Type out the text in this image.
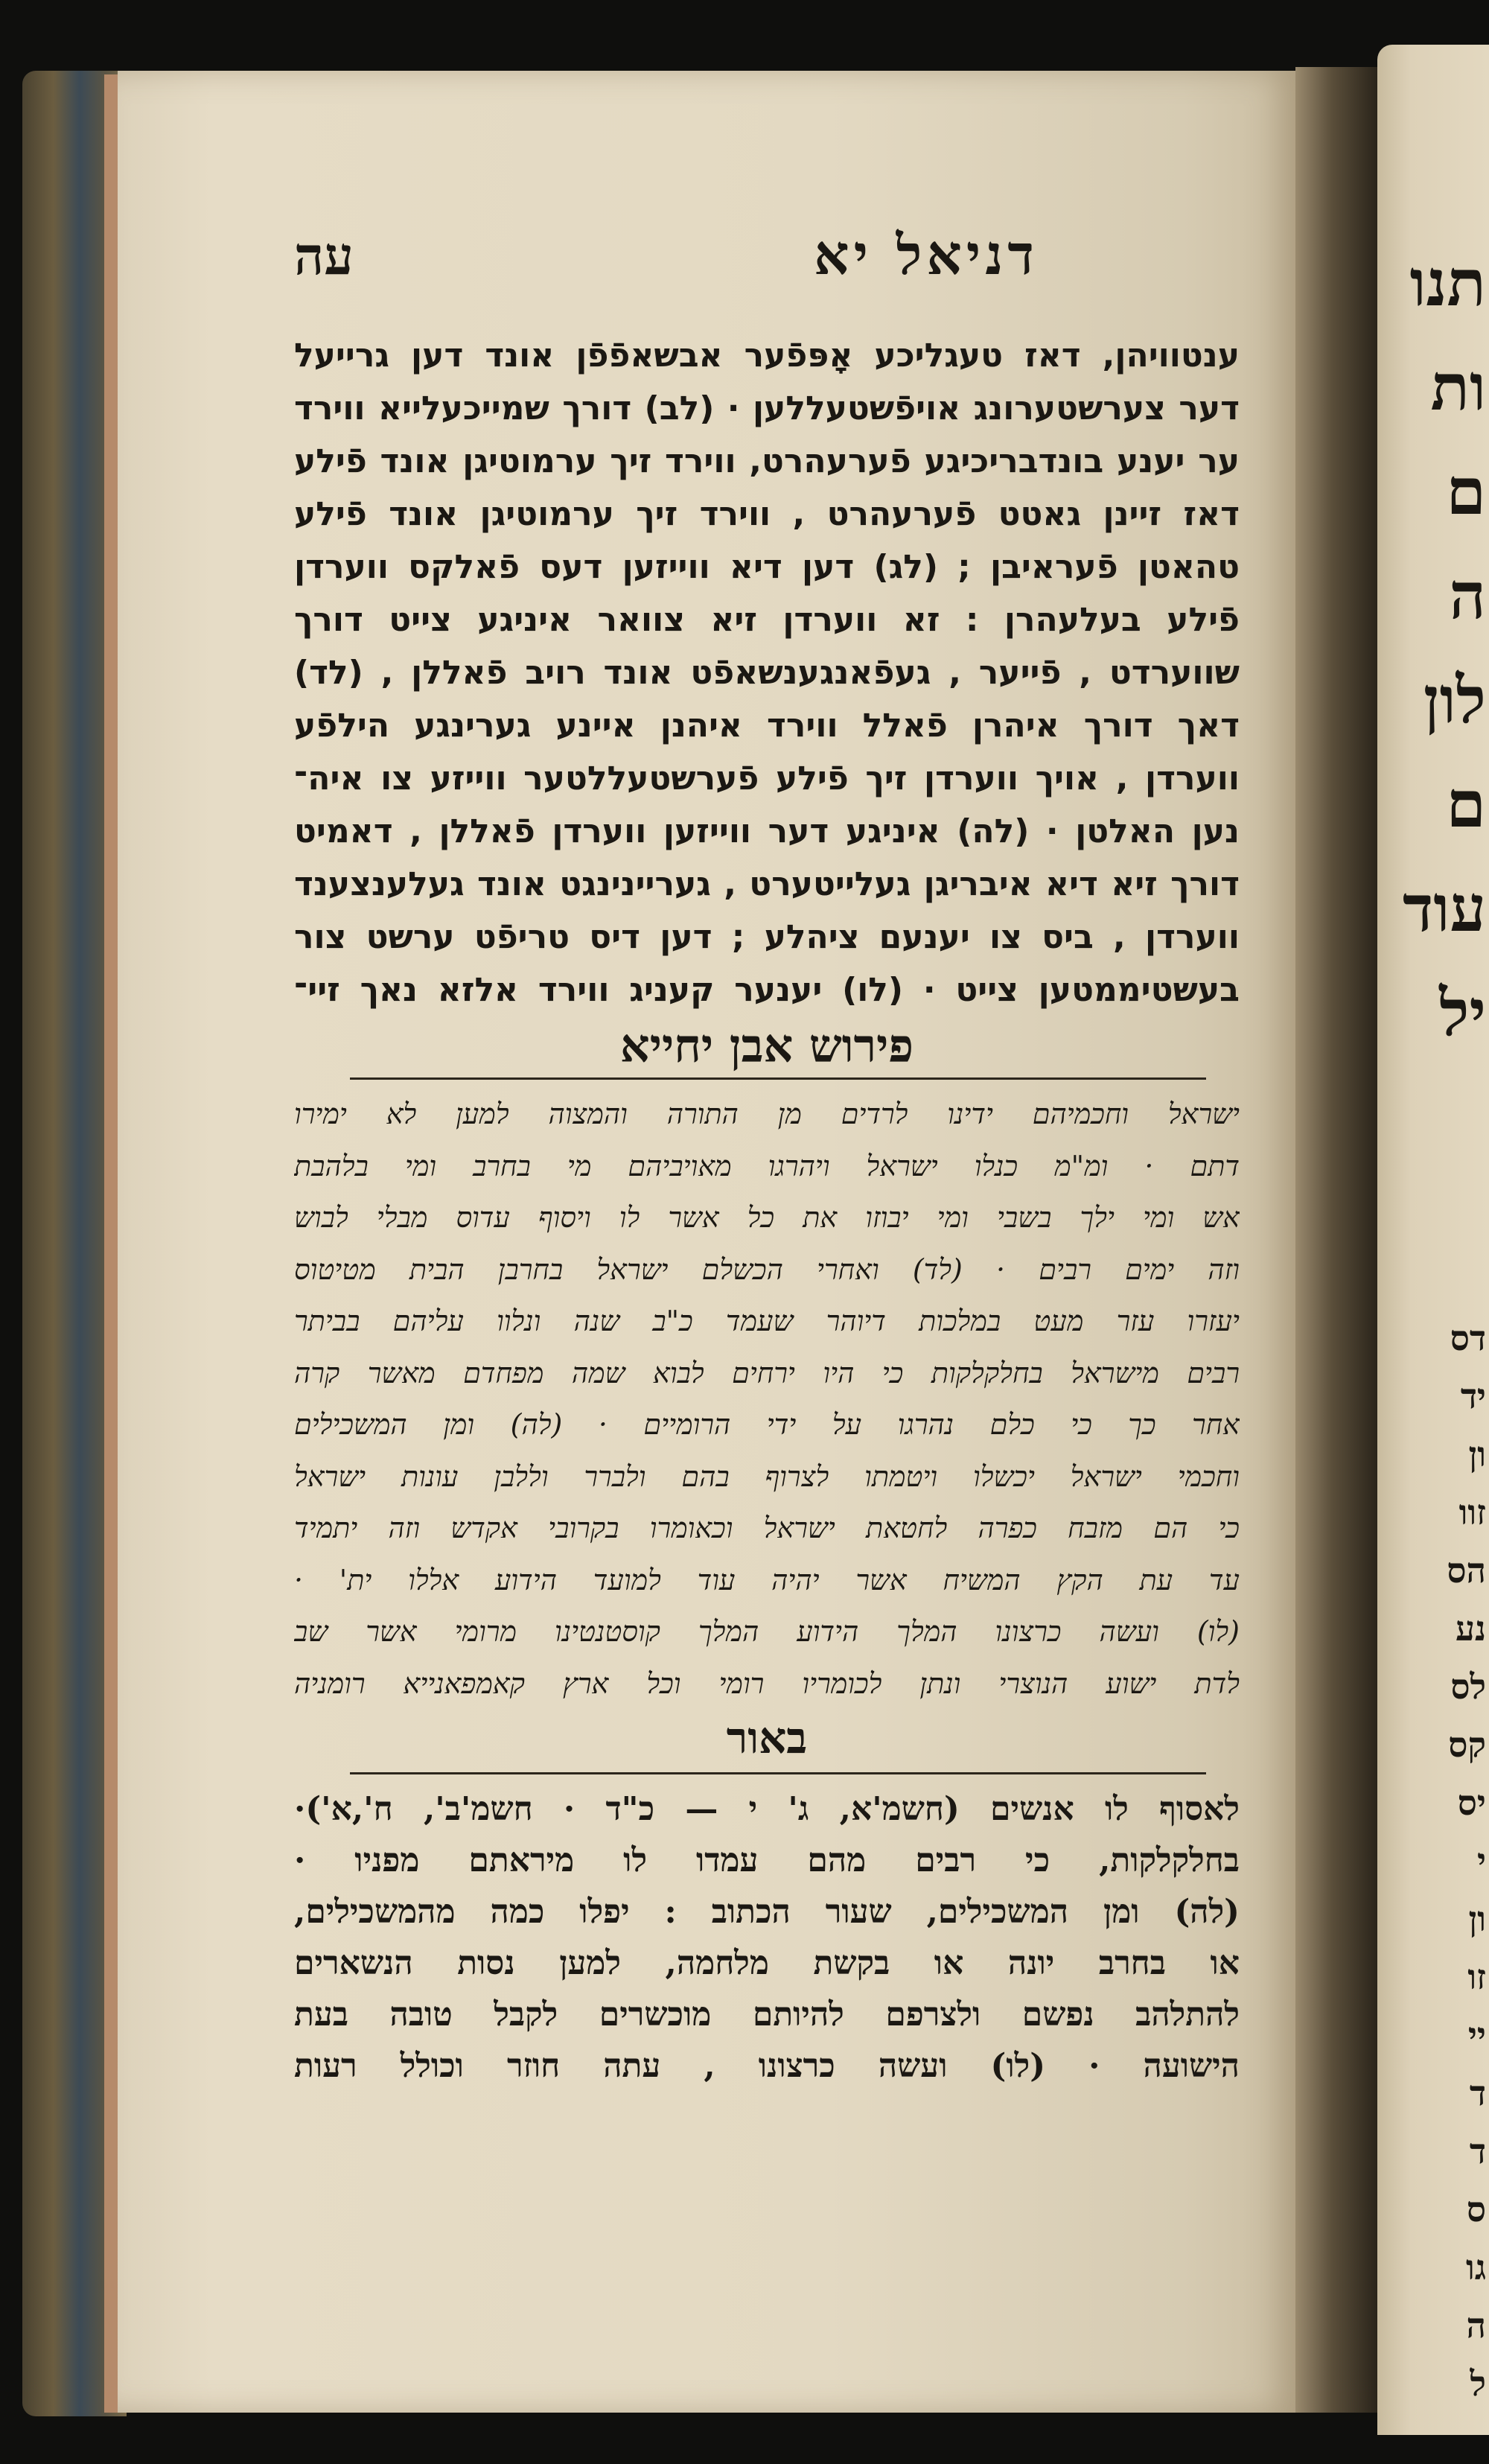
תנו
ות
ם
ה
לון
ם
עוד
יל
דס
יד
ון
זוו
הס
נע
לס
קס
יס
י
ון
זו
יי
ד
ד
ס
גו
ה
ל
דניאל יא
עה
ענטוויהן, דאז טעגליכע אָפּפֿער אבשאפֿפֿן אונד דען גרייעל
דער צערשטערונג אויפֿשטעללען · (לב) דורך שמייכעלייא ווירד
ער יענע בונדבריכיגע פֿערעהרט, ווירד זיך ערמוטיגן אונד פֿילע
דאז זיינן גאטט פֿערעהרט , ווירד זיך ערמוטיגן אונד פֿילע
טהאטן פֿעראיבן ; (לג) דען דיא ווייזען דעס פֿאלקס ווערדן
פֿילע בעלעהרן : זא ווערדן זיא צוואר איניגע צייט דורך
שווערדט , פֿייער , געפֿאנגענשאפֿט אונד רויב פֿאללן , (לד)
דאך דורך איהרן פֿאלל ווירד איהנן איינע גערינגע הילפֿע
ווערדן , אויך ווערדן זיך פֿילע פֿערשטעללטער ווייזע צו איה־
נען האלטן · (לה) איניגע דער ווייזען ווערדן פֿאללן , דאמיט
דורך זיא דיא איבריגן געלייטערט , געריינינגט אונד געלענצענד
ווערדן , ביס צו יענעם ציהלע ; דען דיס טריפֿט ערשט צור
בעשטיממטען צייט · (לו) יענער קעניג ווירד אלזא נאך זיי־
פירוש אבן יחייא
ישראל וחכמיהם ידינו לרדים מן התורה והמצוה למען לא ימירו
דתם · ומ"מ כנלו ישראל ויהרגו מאויביהם מי בחרב ומי בלהבת
אש ומי ילך בשבי ומי יבוזו את כל אשר לו ויסוף עדוס מבלי לבוש
וזה ימים רבים · (לד) ואחרי הכשלם ישראל בחרבן הבית מטיטוס
יעזרו עזר מעט במלכות דיוהר שעמד כ"ב שנה ונלוו עליהם בביתר
רבים מישראל בחלקלקות כי היו ירחים לבוא שמה מפחדם מאשר קרה
אחר כך כי כלם נהרגו על ידי הרומיים · (לה) ומן המשכילים
וחכמי ישראל יכשלו ויטמתו לצרוף בהם ולברר וללבן עונות ישראל
כי הם מזבח כפרה לחטאת ישראל וכאומרו בקרובי אקדש וזה יתמיד
עד עת הקץ המשיח אשר יהיה עוד למועד הידוע אללו ית' ·
(לו) ועשה כרצונו המלך הידוע המלך קוסטנטינו מרומי אשר שב
לדת ישוע הנוצרי ונתן לכומריו רומי וכל ארץ קאמפאנייא רומניה
באור
לאסוף לו אנשים (חשמ'א, ג' י — כ"ד · חשמ'ב', ח',א')·
בחלקלקות, כי רבים מהם עמדו לו מיראתם מפניו ·
(לה) ומן המשכילים, שעור הכתוב : יפלו כמה מהמשכילים,
או בחרב יונה או בקשת מלחמה, למען נסות הנשארים
להתלהב נפשם ולצרפם להיותם מוכשרים לקבל טובה בעת
הישועה · (לו) ועשה כרצונו , עתה חוזר וכולל רעות
